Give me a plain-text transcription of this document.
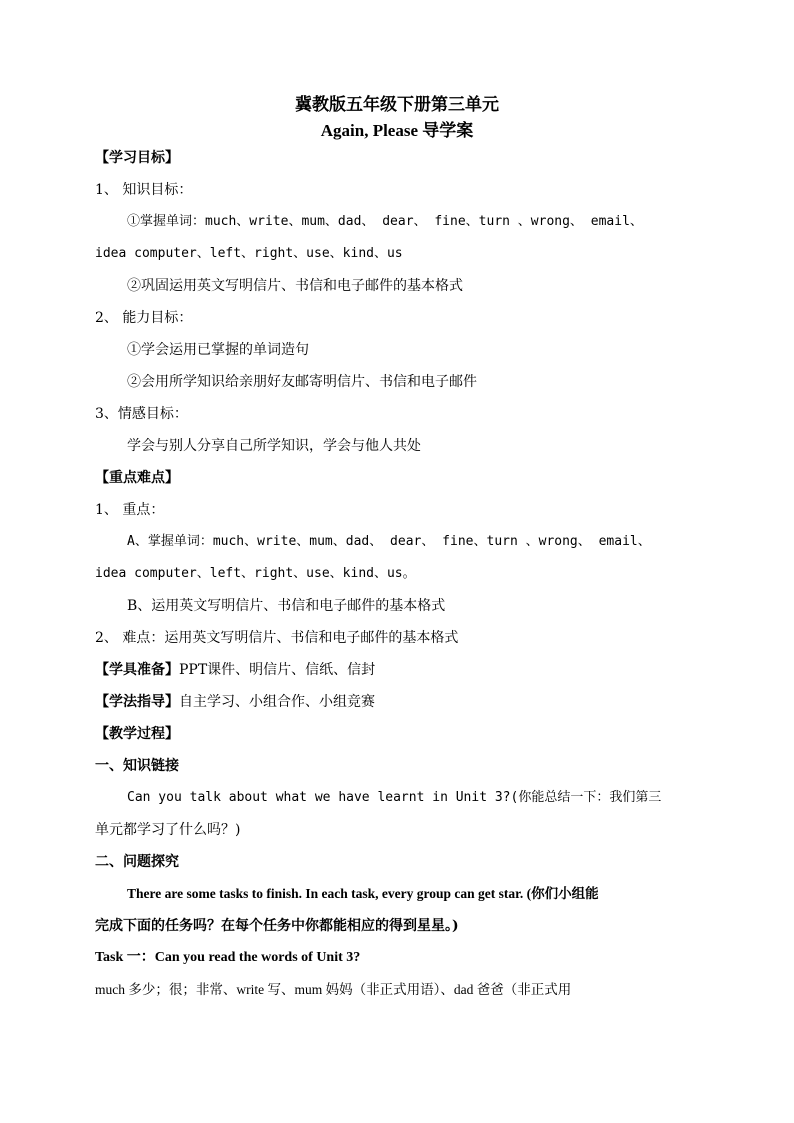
冀教版五年级下册第三单元
Again, Please 导学案
【学习目标】
1、 知识目标：
①掌握单词：much、write、mum、dad、 dear、 fine、turn 、wrong、 email、
idea computer、left、right、use、kind、us
②巩固运用英文写明信片、书信和电子邮件的基本格式
2、 能力目标：
①学会运用已掌握的单词造句
②会用所学知识给亲朋好友邮寄明信片、书信和电子邮件
3、情感目标：
学会与别人分享自己所学知识，学会与他人共处
【重点难点】
1、 重点：
A、掌握单词：much、write、mum、dad、 dear、 fine、turn 、wrong、 email、
idea computer、left、right、use、kind、us。
B、运用英文写明信片、书信和电子邮件的基本格式
2、 难点：运用英文写明信片、书信和电子邮件的基本格式
【学具准备】PPT课件、明信片、信纸、信封
【学法指导】自主学习、小组合作、小组竞赛
【教学过程】
一、知识链接
Can you talk about what we have learnt in Unit 3?(你能总结一下：我们第三
单元都学习了什么吗？)
二、问题探究
There are some tasks to finish. In each task, every group can get star. (你们小组能
完成下面的任务吗？在每个任务中你都能相应的得到星星。)
Task 一：Can you read the words of Unit 3?
much 多少；很；非常、write 写、mum 妈妈（非正式用语）、dad 爸爸（非正式用
